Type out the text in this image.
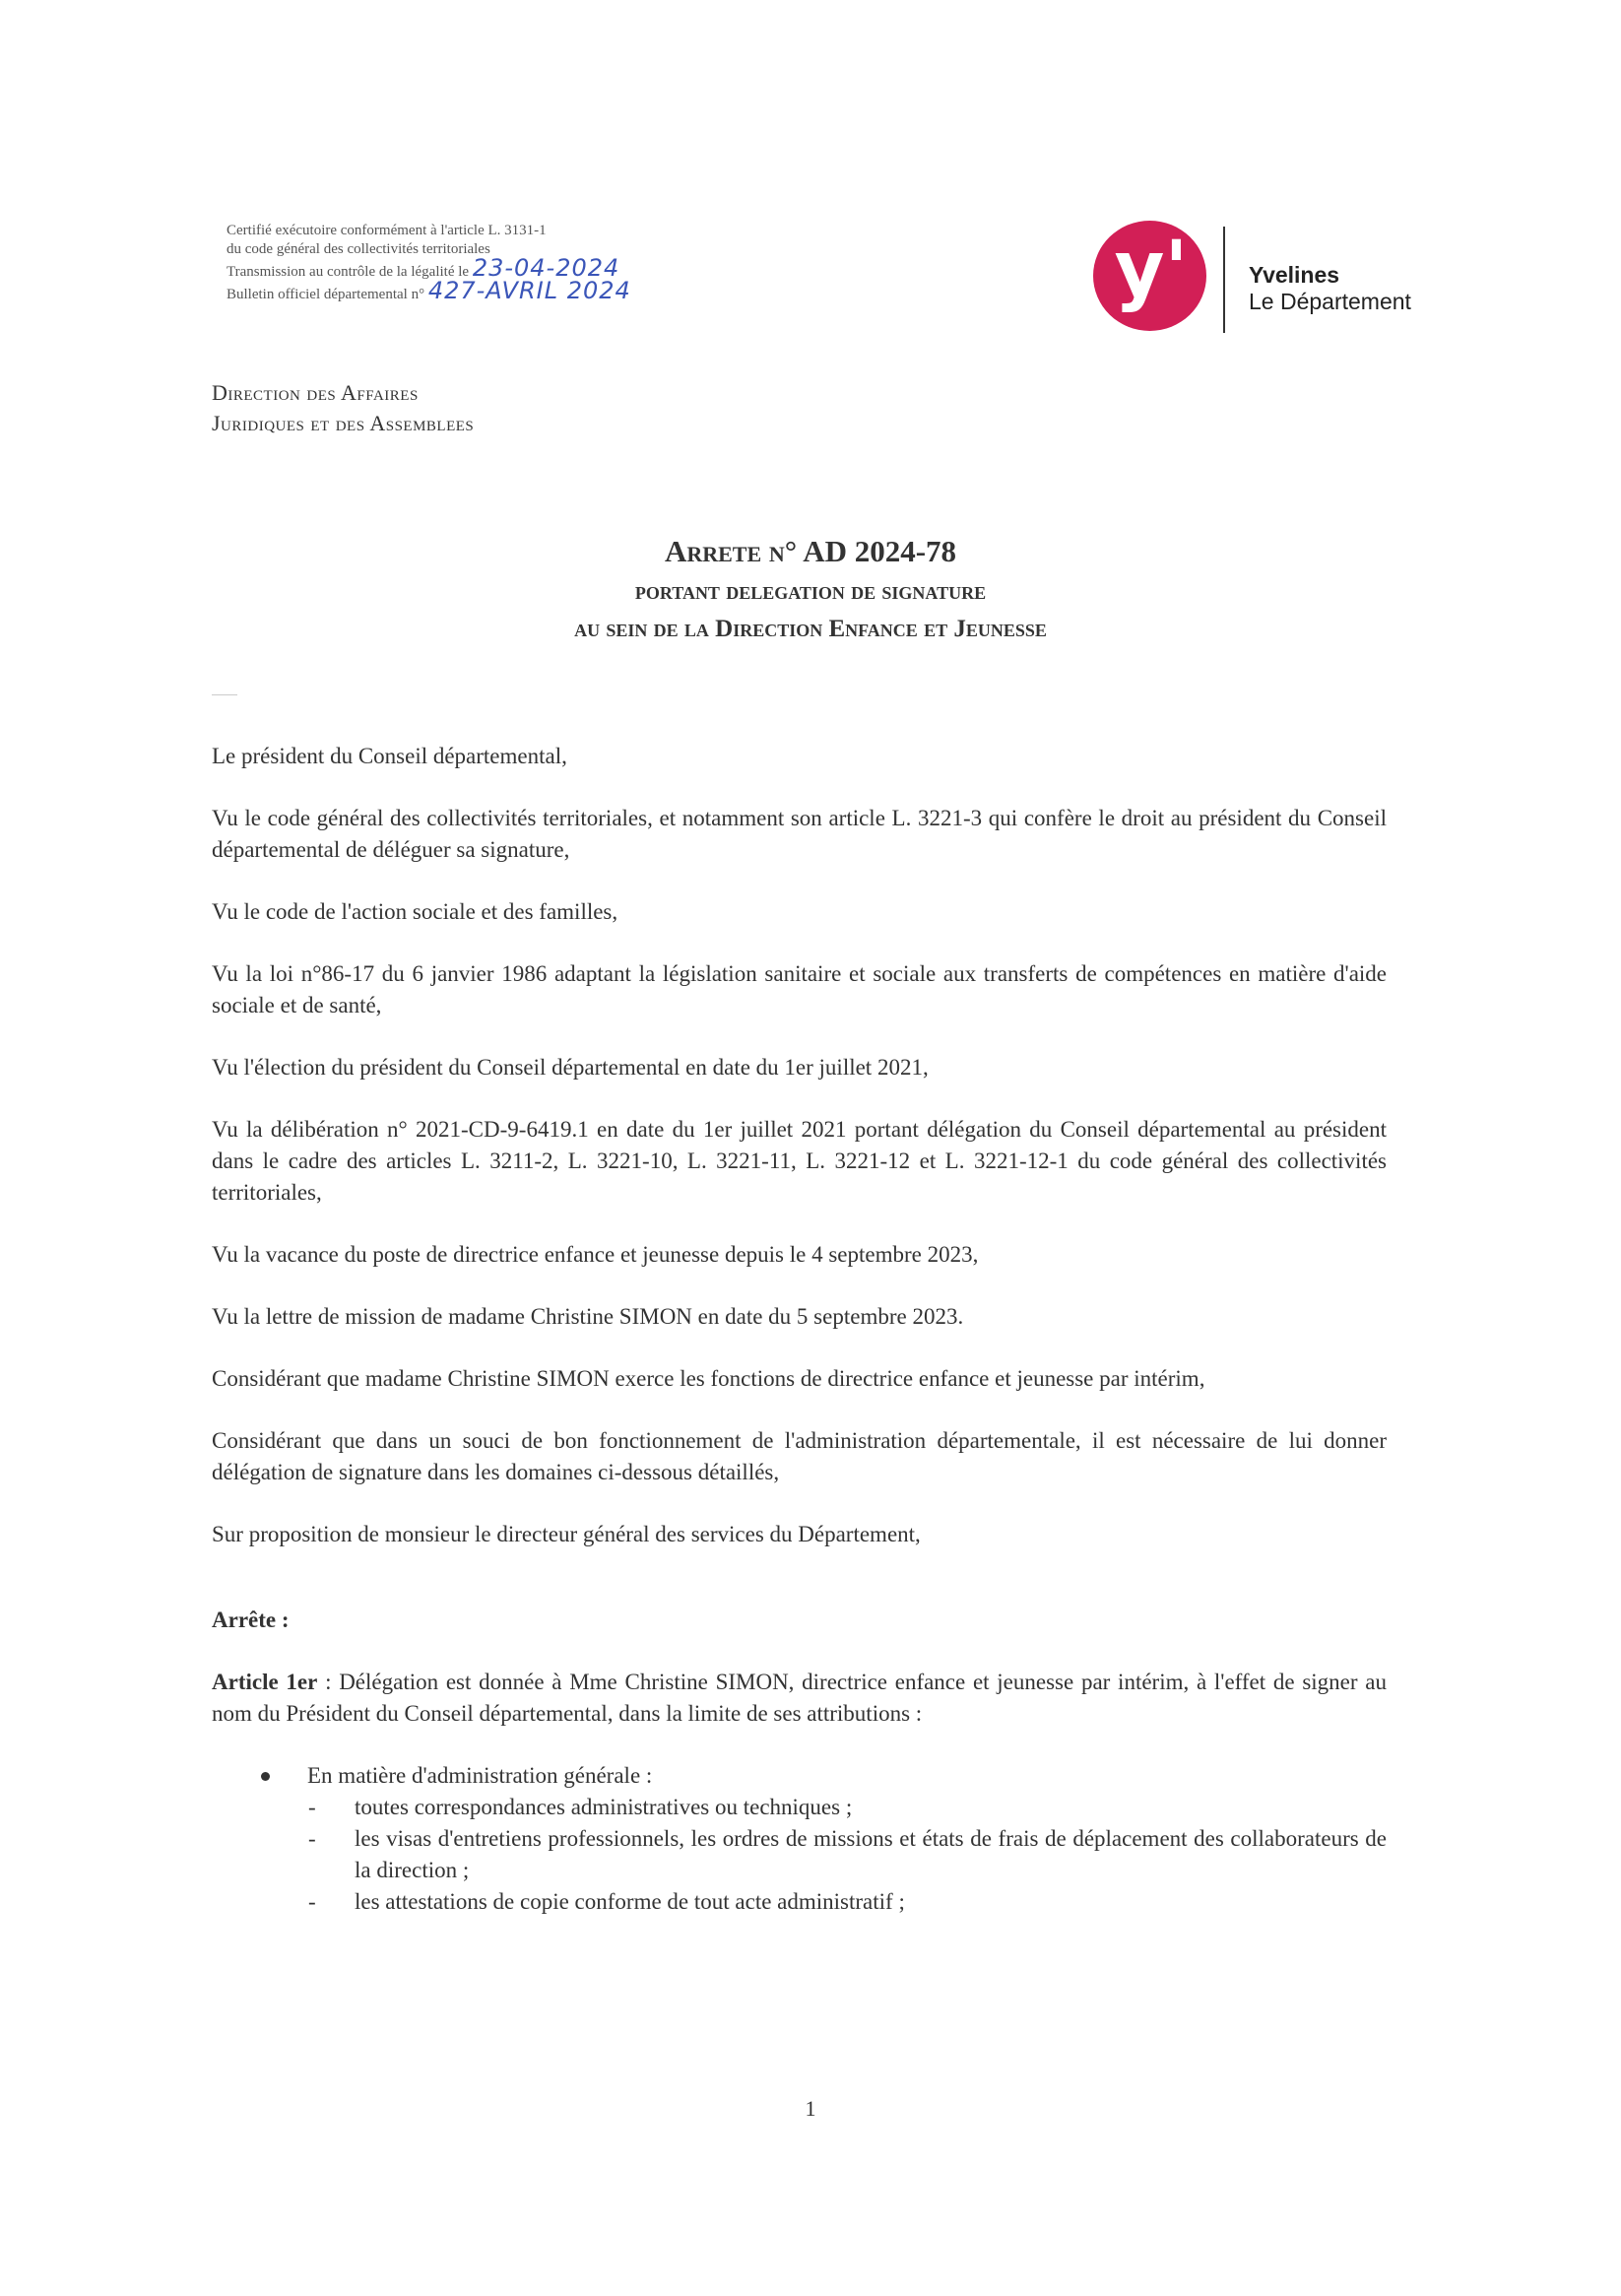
Certifié exécutoire conformément à l'article L. 3131-1
du code général des collectivités territoriales
Transmission au contrôle de la légalité le 23-04-2024
Bulletin officiel départemental n° 427-AVRIL 2024	y'	Yvelines
Le Département
Direction des Affaires
Juridiques et des Assemblees
Arrete n° AD 2024-78
portant delegation de signature
au sein de la Direction Enfance et Jeunesse

Le président du Conseil départemental,

Vu le code général des collectivités territoriales, et notamment son article L. 3221-3 qui confère le droit au président du Conseil départemental de déléguer sa signature,

Vu le code de l'action sociale et des familles,

Vu la loi n°86-17 du 6 janvier 1986 adaptant la législation sanitaire et sociale aux transferts de compétences en matière d'aide sociale et de santé,

Vu l'élection du président du Conseil départemental en date du 1er juillet 2021,

Vu la délibération n° 2021-CD-9-6419.1 en date du 1er juillet 2021 portant délégation du Conseil départemental au président dans le cadre des articles L. 3211-2, L. 3221-10, L. 3221-11, L. 3221-12 et L. 3221-12-1 du code général des collectivités territoriales,

Vu la vacance du poste de directrice enfance et jeunesse depuis le 4 septembre 2023,

Vu la lettre de mission de madame Christine SIMON en date du 5 septembre 2023.

Considérant que madame Christine SIMON exerce les fonctions de directrice enfance et jeunesse par intérim,

Considérant que dans un souci de bon fonctionnement de l'administration départementale, il est nécessaire de lui donner délégation de signature dans les domaines ci-dessous détaillés,

Sur proposition de monsieur le directeur général des services du Département,

Arrête :

Article 1er : Délégation est donnée à Mme Christine SIMON, directrice enfance et jeunesse par intérim, à l'effet de signer au nom du Président du Conseil départemental, dans la limite de ses attributions :

En matière d'administration générale :
- toutes correspondances administratives ou techniques ;
- les visas d'entretiens professionnels, les ordres de missions et états de frais de déplacement des collaborateurs de la direction ;
- les attestations de copie conforme de tout acte administratif ;
1
